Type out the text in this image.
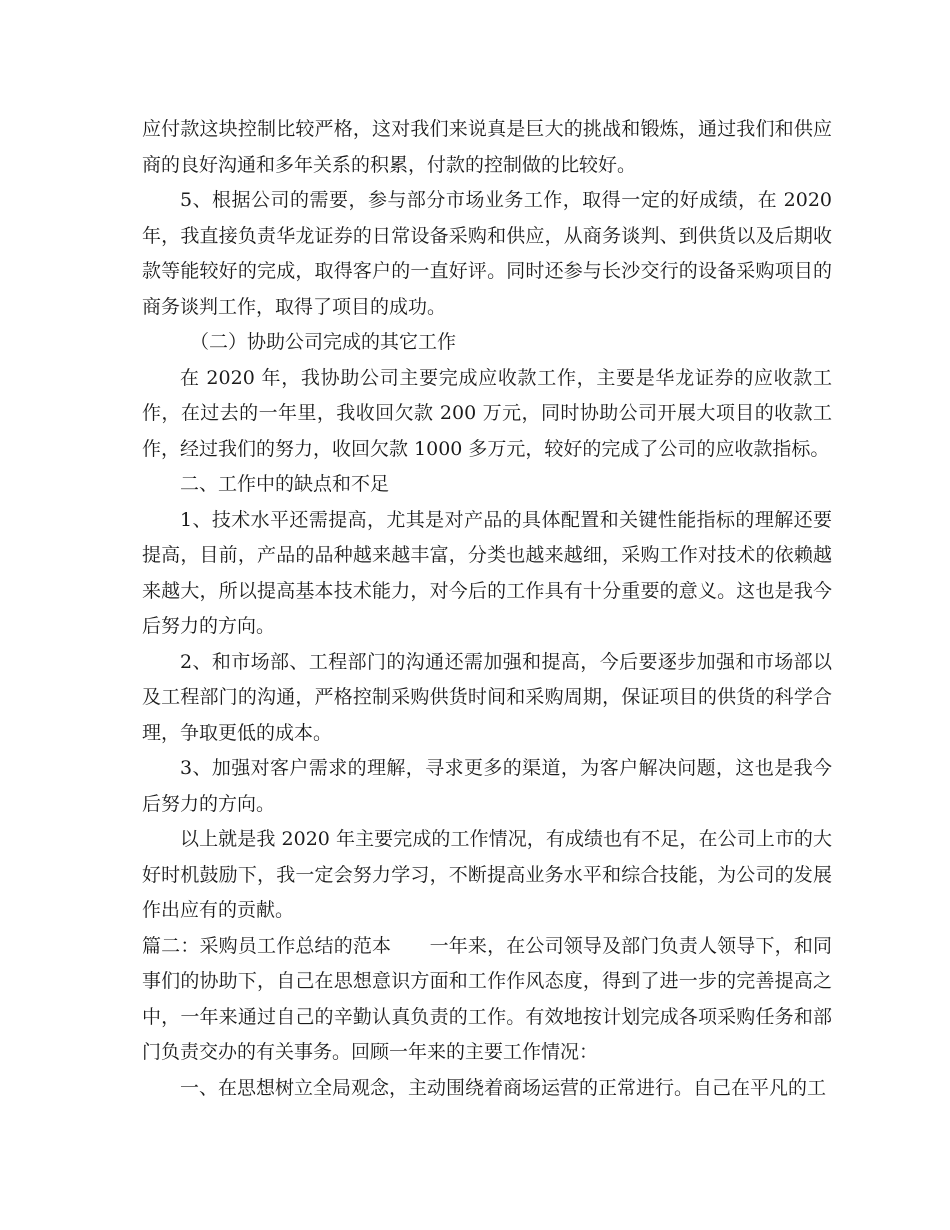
应付款这块控制比较严格，这对我们来说真是巨大的挑战和锻炼，通过我们和供应商的良好沟通和多年关系的积累，付款的控制做的比较好。

5、根据公司的需要，参与部分市场业务工作，取得一定的好成绩，在 2020 年，我直接负责华龙证券的日常设备采购和供应，从商务谈判、到供货以及后期收款等能较好的完成，取得客户的一直好评。同时还参与长沙交行的设备采购项目的商务谈判工作，取得了项目的成功。

（二）协助公司完成的其它工作

在 2020 年，我协助公司主要完成应收款工作，主要是华龙证券的应收款工作，在过去的一年里，我收回欠款 200 万元，同时协助公司开展大项目的收款工作，经过我们的努力，收回欠款 1000 多万元，较好的完成了公司的应收款指标。

二、工作中的缺点和不足

1、技术水平还需提高，尤其是对产品的具体配置和关键性能指标的理解还要提高，目前，产品的品种越来越丰富，分类也越来越细，采购工作对技术的依赖越来越大，所以提高基本技术能力，对今后的工作具有十分重要的意义。这也是我今后努力的方向。

2、和市场部、工程部门的沟通还需加强和提高，今后要逐步加强和市场部以及工程部门的沟通，严格控制采购供货时间和采购周期，保证项目的供货的科学合理，争取更低的成本。

3、加强对客户需求的理解，寻求更多的渠道，为客户解决问题，这也是我今后努力的方向。

以上就是我 2020 年主要完成的工作情况，有成绩也有不足，在公司上市的大好时机鼓励下，我一定会努力学习，不断提高业务水平和综合技能，为公司的发展作出应有的贡献。

篇二：采购员工作总结的范本　　一年来，在公司领导及部门负责人领导下，和同事们的协助下，自己在思想意识方面和工作作风态度，得到了进一步的完善提高之中，一年来通过自己的辛勤认真负责的工作。有效地按计划完成各项采购任务和部门负责交办的有关事务。回顾一年来的主要工作情况：

一、在思想树立全局观念，主动围绕着商场运营的正常进行。自己在平凡的工
